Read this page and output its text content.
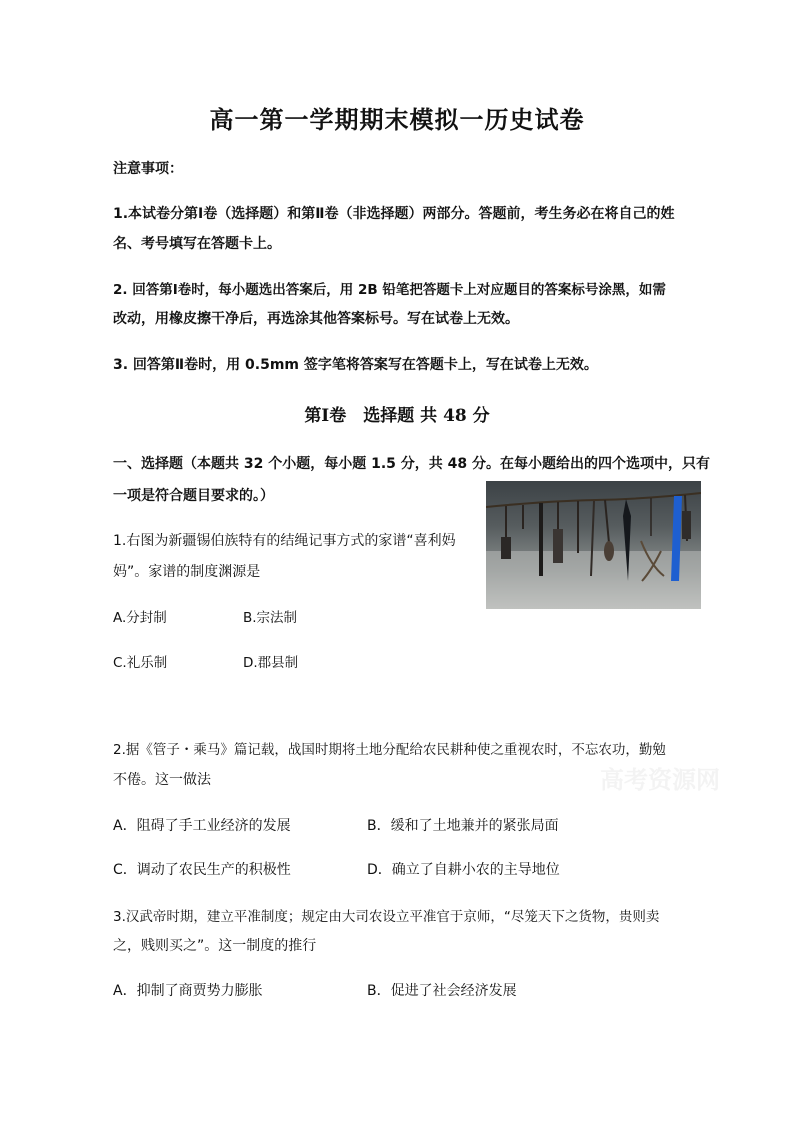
高一第一学期期末模拟一历史试卷
注意事项：
1.本试卷分第Ⅰ卷（选择题）和第Ⅱ卷（非选择题）两部分。答题前，考生务必在将自己的姓
名、考号填写在答题卡上。
2. 回答第Ⅰ卷时，每小题选出答案后，用 2B 铅笔把答题卡上对应题目的答案标号涂黑，如需
改动，用橡皮擦干净后，再选涂其他答案标号。写在试卷上无效。
3. 回答第Ⅱ卷时，用 0.5mm 签字笔将答案写在答题卡上，写在试卷上无效。
第Ⅰ卷　选择题 共 48 分
一、选择题（本题共 32 个小题，每小题 1.5 分，共 48 分。在每小题给出的四个选项中，只有
一项是符合题目要求的。）
1.右图为新疆锡伯族特有的结绳记事方式的家谱“喜利妈
妈”。家谱的制度渊源是
A.分封制	B.宗法制
C.礼乐制	D.郡县制
2.据《管子・乘马》篇记载，战国时期将土地分配给农民耕种使之重视农时，不忘农功，勤勉
不倦。这一做法	高考资源网
A．阻碍了手工业经济的发展	B．缓和了土地兼并的紧张局面
C．调动了农民生产的积极性	D．确立了自耕小农的主导地位
3.汉武帝时期，建立平准制度；规定由大司农设立平准官于京师，“尽笼天下之货物，贵则卖
之，贱则买之”。这一制度的推行
A．抑制了商贾势力膨胀	B．促进了社会经济发展
